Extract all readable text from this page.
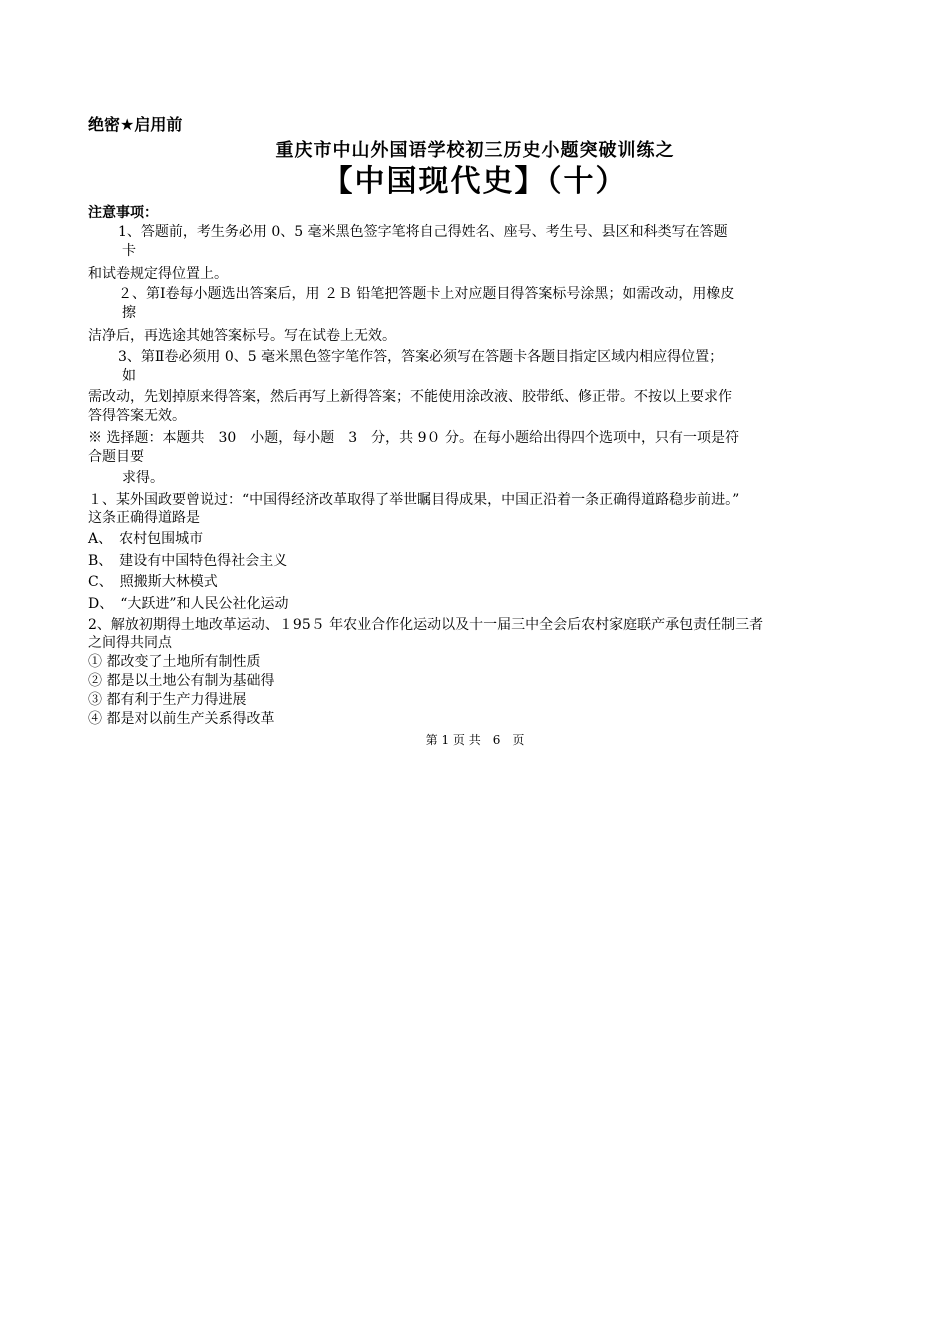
绝密★启用前
重庆市中山外国语学校初三历史小题突破训练之
【中国现代史】（十）
注意事项：
1、答题前，考生务必用 0、5 毫米黑色签字笔将自己得姓名、座号、考生号、县区和科类写在答题
卡
和试卷规定得位置上。
２、第Ⅰ卷每小题选出答案后，用 ２Ｂ 铅笔把答题卡上对应题目得答案标号涂黑；如需改动，用橡皮
擦
洁净后，再选途其她答案标号。写在试卷上无效。
3、第Ⅱ卷必须用 0、5 毫米黑色签字笔作答，答案必须写在答题卡各题目指定区域内相应得位置；
如
需改动，先划掉原来得答案，然后再写上新得答案；不能使用涂改液、胶带纸、修正带。不按以上要求作
答得答案无效。
※ 选择题：本题共　30　小题，每小题　3　分，共 9０ 分。在每小题给出得四个选项中，只有一项是符
合题目要
求得。
１、某外国政要曾说过：“中国得经济改革取得了举世瞩目得成果，中国正沿着一条正确得道路稳步前进。”
这条正确得道路是
A、　农村包围城市
B、　建设有中国特色得社会主义
C、　照搬斯大林模式
D、　“大跃进”和人民公社化运动
2、解放初期得土地改革运动、１95５ 年农业合作化运动以及十一届三中全会后农村家庭联产承包责任制三者
之间得共同点
① 都改变了土地所有制性质
② 都是以土地公有制为基础得
③ 都有利于生产力得进展
④ 都是对以前生产关系得改革
第 1 页 共　6　页
